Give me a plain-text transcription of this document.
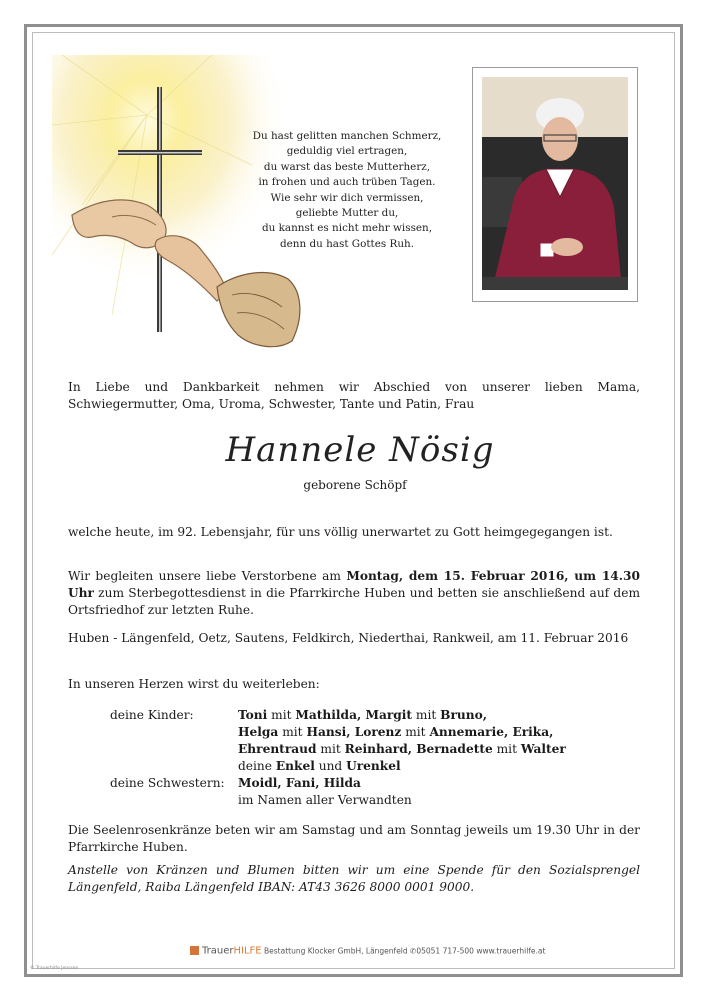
Du hast gelitten manchen Schmerz,
geduldig viel ertragen,
du warst das beste Mutterherz,
in frohen und auch trüben Tagen.
Wie sehr wir dich vermissen,
geliebte Mutter du,
du kannst es nicht mehr wissen,
denn du hast Gottes Ruh.
In Liebe und Dankbarkeit nehmen wir Abschied von unserer lieben Mama, Schwiegermutter, Oma, Uroma, Schwester, Tante und Patin, Frau
Hannele Nösig
geborene Schöpf
welche heute, im 92. Lebensjahr, für uns völlig unerwartet zu Gott heimgegegangen ist.
Wir begleiten unsere liebe Verstorbene am Montag, dem 15. Februar 2016, um 14.30 Uhr zum Sterbegottesdienst in die Pfarrkirche Huben und betten sie anschließend auf dem Ortsfriedhof zur letzten Ruhe.
Huben - Längenfeld, Oetz, Sautens, Feldkirch, Niederthai, Rankweil, am 11. Februar 2016
In unseren Herzen wirst du weiterleben:
deine Kinder:	Toni mit Mathilda, Margit mit Bruno,
Helga mit Hansi, Lorenz mit Annemarie, Erika,
Ehrentraud mit Reinhard, Bernadette mit Walter
deine Enkel und Urenkel
deine Schwestern: Moidl, Fani, Hilda
im Namen aller Verwandten
Die Seelenrosenkränze beten wir am Samstag und am Sonntag jeweils um 19.30 Uhr in der Pfarrkirche Huben.
Anstelle von Kränzen und Blumen bitten wir um eine Spende für den Sozialsprengel Längenfeld, Raiba Längenfeld IBAN: AT43 3626 8000 0001 9000.
TrauerHILFE Bestattung Klocker GmbH, Längenfeld ✆05051 717-500 www.trauerhilfe.at
© Trauerhilfe Jenssen
